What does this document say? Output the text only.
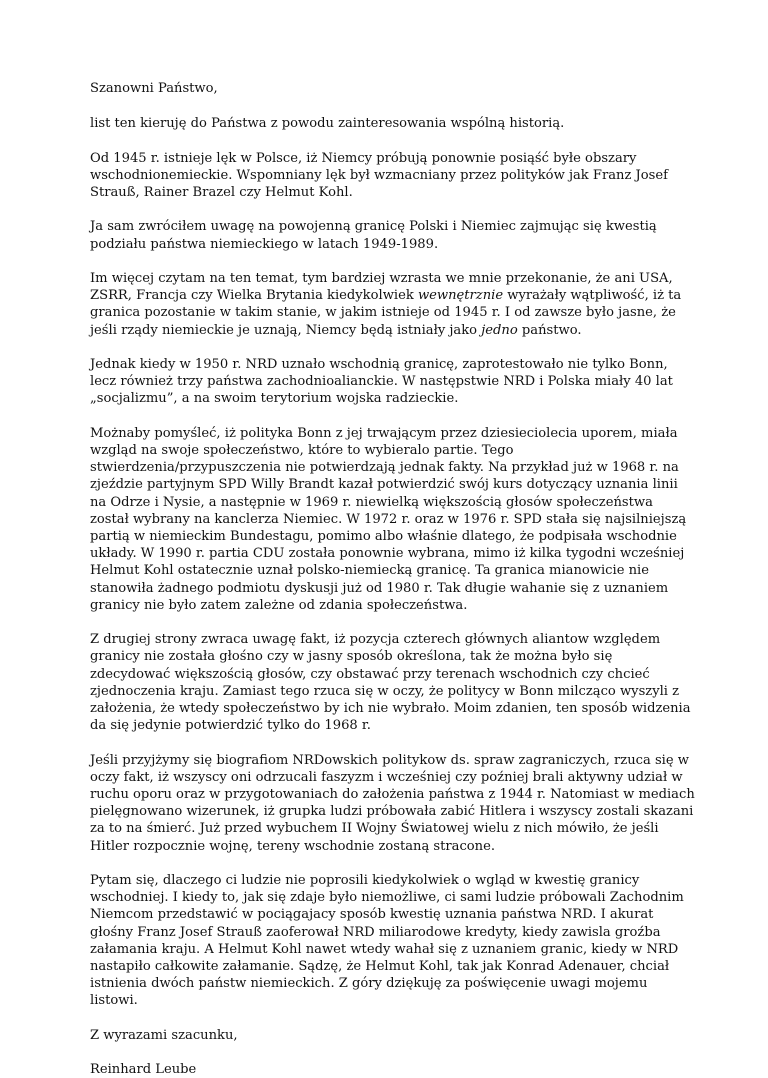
Szanowni Państwo,

list ten kieruję do Państwa z powodu zainteresowania wspólną historią.

Od 1945 r. istnieje lęk w Polsce, iż Niemcy próbują ponownie posiąść byłe obszary wschodnionemieckie. Wspomniany lęk był wzmacniany przez polityków jak Franz Josef Strauß, Rainer Brazel czy Helmut Kohl.

Ja sam zwróciłem uwagę na powojenną granicę Polski i Niemiec zajmując się kwestią podziału państwa niemieckiego w latach 1949-1989.

Im więcej czytam na ten temat, tym bardziej wzrasta we mnie przekonanie, że ani USA, ZSRR, Francja czy Wielka Brytania kiedykolwiek wewnętrznie wyrażały wątpliwość, iż ta granica pozostanie w takim stanie, w jakim istnieje od 1945 r. I od zawsze było jasne, że jeśli rządy niemieckie je uznają, Niemcy będą istniały jako jedno państwo.

Jednak kiedy w 1950 r. NRD uznało wschodnią granicę, zaprotestowało nie tylko Bonn, lecz również trzy państwa zachodnioalianckie. W następstwie NRD i Polska miały 40 lat „socjalizmu”, a na swoim terytorium wojska radzieckie.

Możnaby pomyśleć, iż polityka Bonn z jej trwającym przez dziesieciolecia uporem, miała wzgląd na swoje społeczeństwo, które to wybieralo partie. Tego stwierdzenia/przypuszczenia nie potwierdzają jednak fakty. Na przykład już w 1968 r. na zjeździe partyjnym SPD Willy Brandt kazał potwierdzić swój kurs dotyczący uznania linii na Odrze i Nysie, a następnie w 1969 r. niewielką większością głosów społeczeństwa został wybrany na kanclerza Niemiec. W 1972 r. oraz w 1976 r. SPD stała się najsilniejszą partią w niemieckim Bundestagu, pomimo albo właśnie dlatego, że podpisała wschodnie układy. W 1990 r. partia CDU została ponownie wybrana, mimo iż kilka tygodni wcześniej Helmut Kohl ostatecznie uznał polsko-niemiecką granicę. Ta granica mianowicie nie stanowiła żadnego podmiotu dyskusji już od 1980 r. Tak długie wahanie się z uznaniem granicy nie było zatem zależne od zdania społeczeństwa.

Z drugiej strony zwraca uwagę fakt, iż pozycja czterech głównych aliantow względem granicy nie została głośno czy w jasny sposób określona, tak że można było się zdecydować większością głosów, czy obstawać przy terenach wschodnich czy chcieć zjednoczenia kraju. Zamiast tego rzuca się w oczy, że politycy w Bonn milcząco wyszyli z założenia, że wtedy społeczeństwo by ich nie wybrało. Moim zdanien, ten sposób widzenia da się jedynie potwierdzić tylko do 1968 r.

Jeśli przyjżymy się biografiom NRDowskich politykow ds. spraw zagraniczych, rzuca się w oczy fakt, iż wszyscy oni odrzucali faszyzm i wcześniej czy poźniej brali aktywny udział w ruchu oporu oraz w przygotowaniach do założenia państwa z 1944 r. Natomiast w mediach pielęgnowano wizerunek, iż grupka ludzi próbowała zabić Hitlera i wszyscy zostali skazani za to na śmierć. Już przed wybuchem II Wojny Światowej wielu z nich mówiło, że jeśli Hitler rozpocznie wojnę, tereny wschodnie zostaną stracone.

Pytam się, dlaczego ci ludzie nie poprosili kiedykolwiek o wgląd w kwestię granicy wschodniej. I kiedy to, jak się zdaje było niemożliwe, ci sami ludzie próbowali Zachodnim Niemcom przedstawić w pociągajacy sposób kwestię uznania państwa NRD. I akurat głośny Franz Josef Strauß zaoferował NRD miliarodowe kredyty, kiedy zawisla groźba załamania kraju. A Helmut Kohl nawet wtedy wahał się z uznaniem granic, kiedy w NRD nastapiło całkowite załamanie. Sądzę, że Helmut Kohl, tak jak Konrad Adenauer, chciał istnienia dwóch państw niemieckich. Z góry dziękuję za poświęcenie uwagi mojemu listowi.

Z wyrazami szacunku,

Reinhard Leube
